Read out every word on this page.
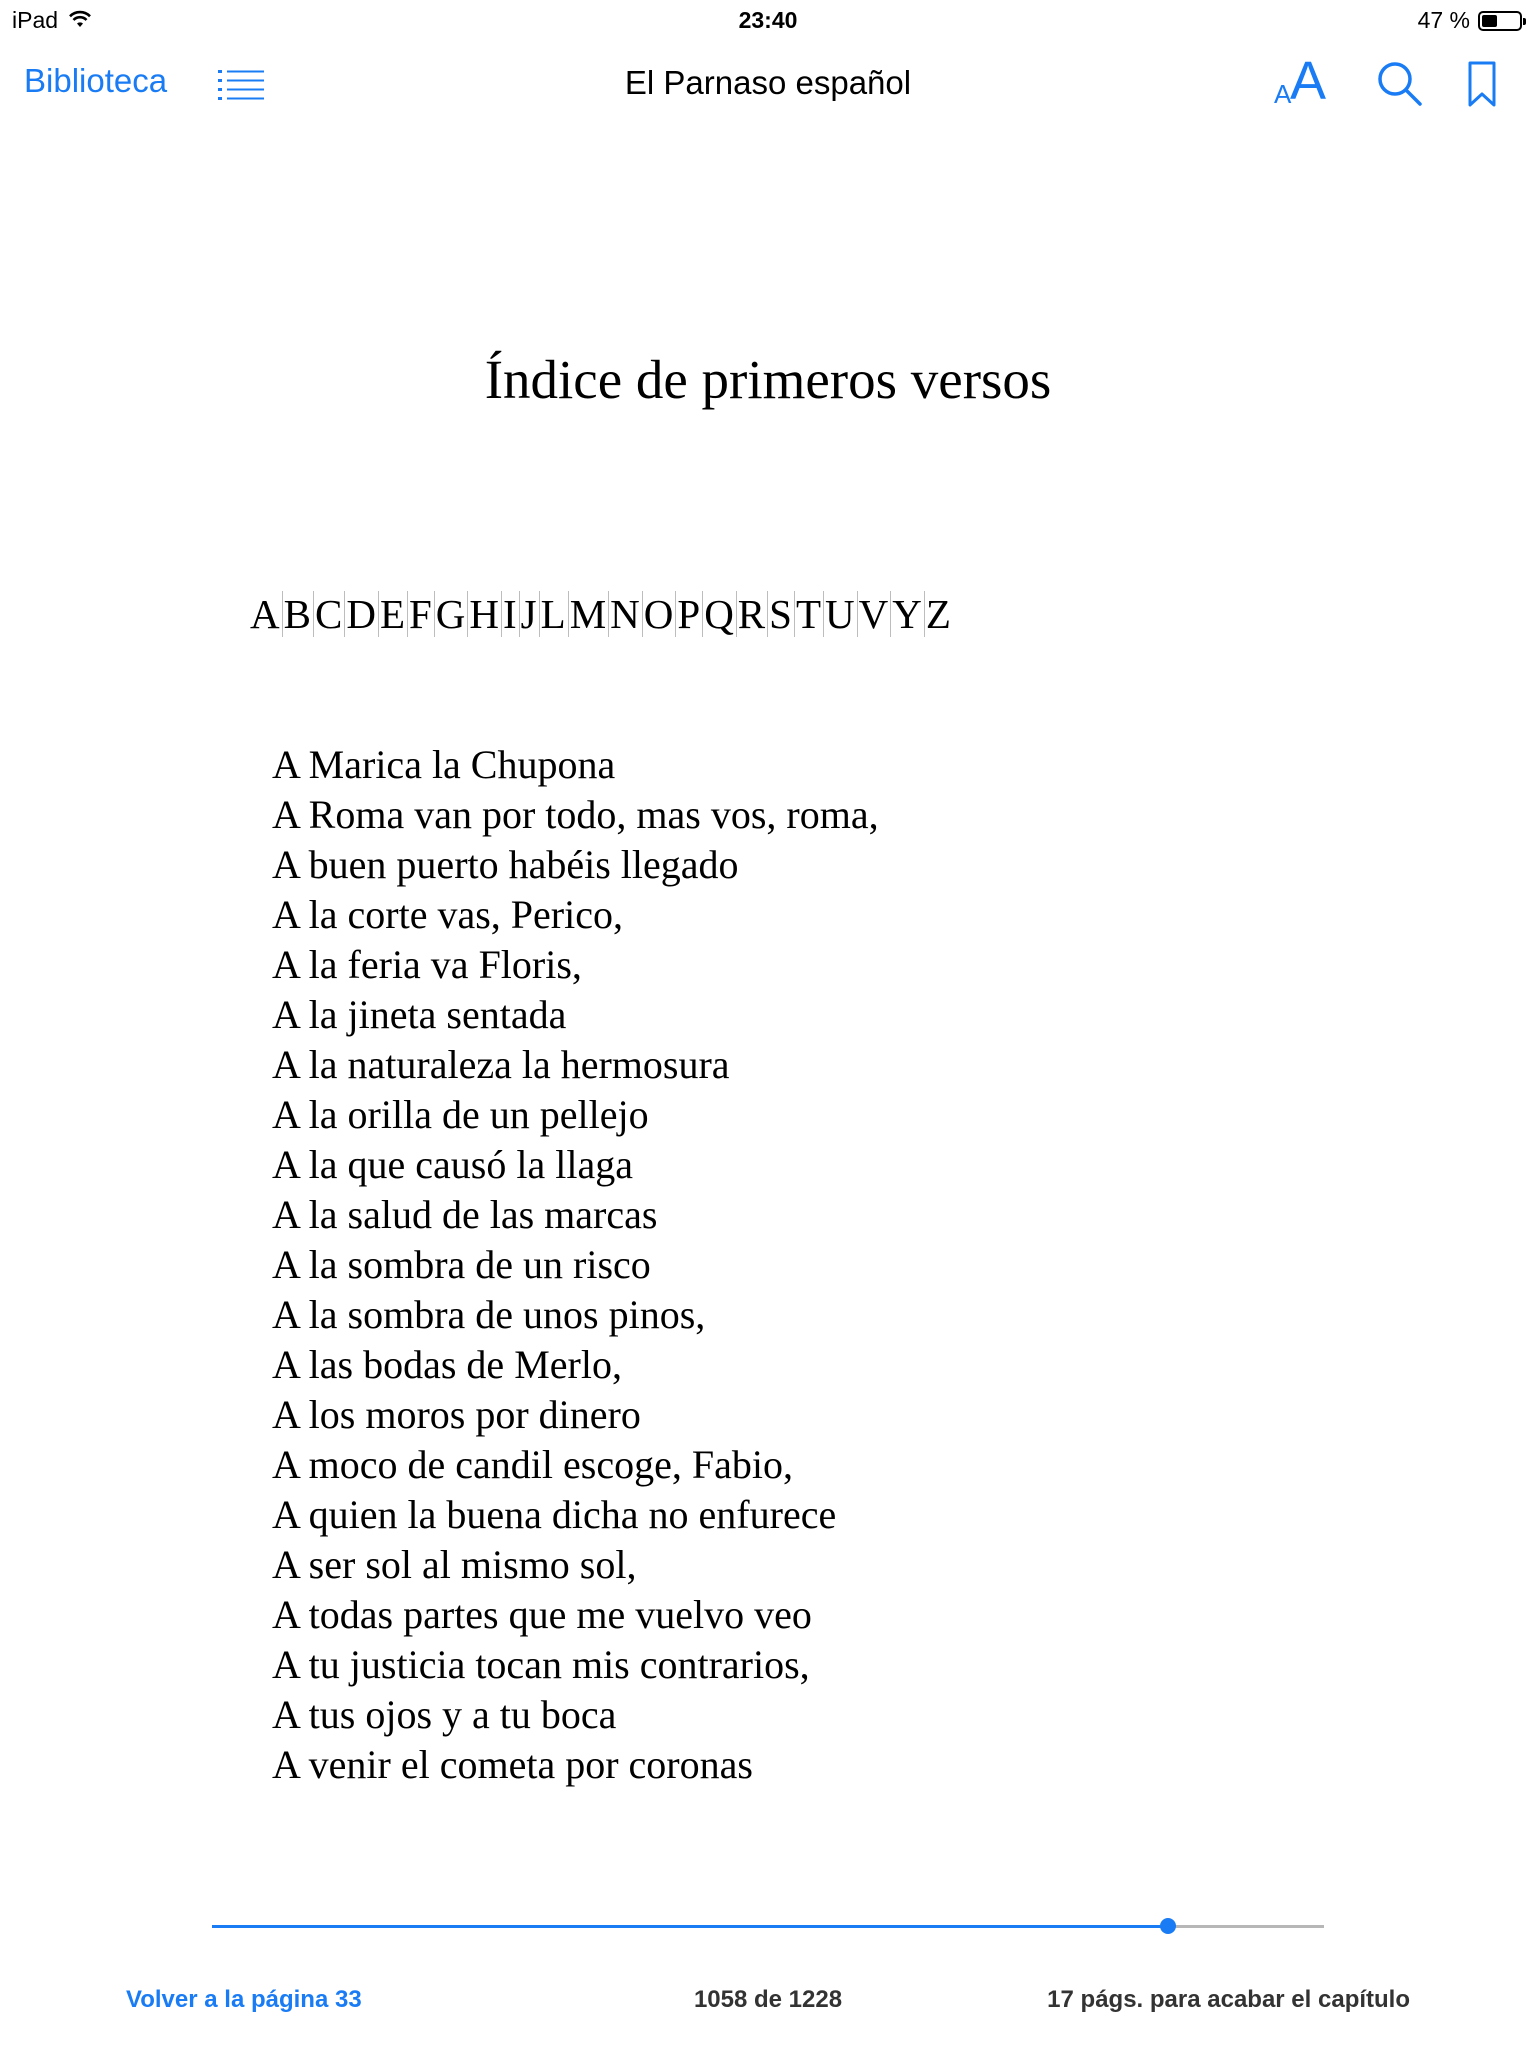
iPad	23:40	47 %
Biblioteca	El Parnaso español	A
A
Índice de primeros versos
A B C D E F G H I J L M N O P Q R S T U V Y Z
A Marica la Chupona
A Roma van por todo, mas vos, roma,
A buen puerto habéis llegado
A la corte vas, Perico,
A la feria va Floris,
A la jineta sentada
A la naturaleza la hermosura
A la orilla de un pellejo
A la que causó la llaga
A la salud de las marcas
A la sombra de un risco
A la sombra de unos pinos,
A las bodas de Merlo,
A los moros por dinero
A moco de candil escoge, Fabio,
A quien la buena dicha no enfurece
A ser sol al mismo sol,
A todas partes que me vuelvo veo
A tu justicia tocan mis contrarios,
A tus ojos y a tu boca
A venir el cometa por coronas
Volver a la página 33	1058 de 1228	17 págs. para acabar el capítulo
